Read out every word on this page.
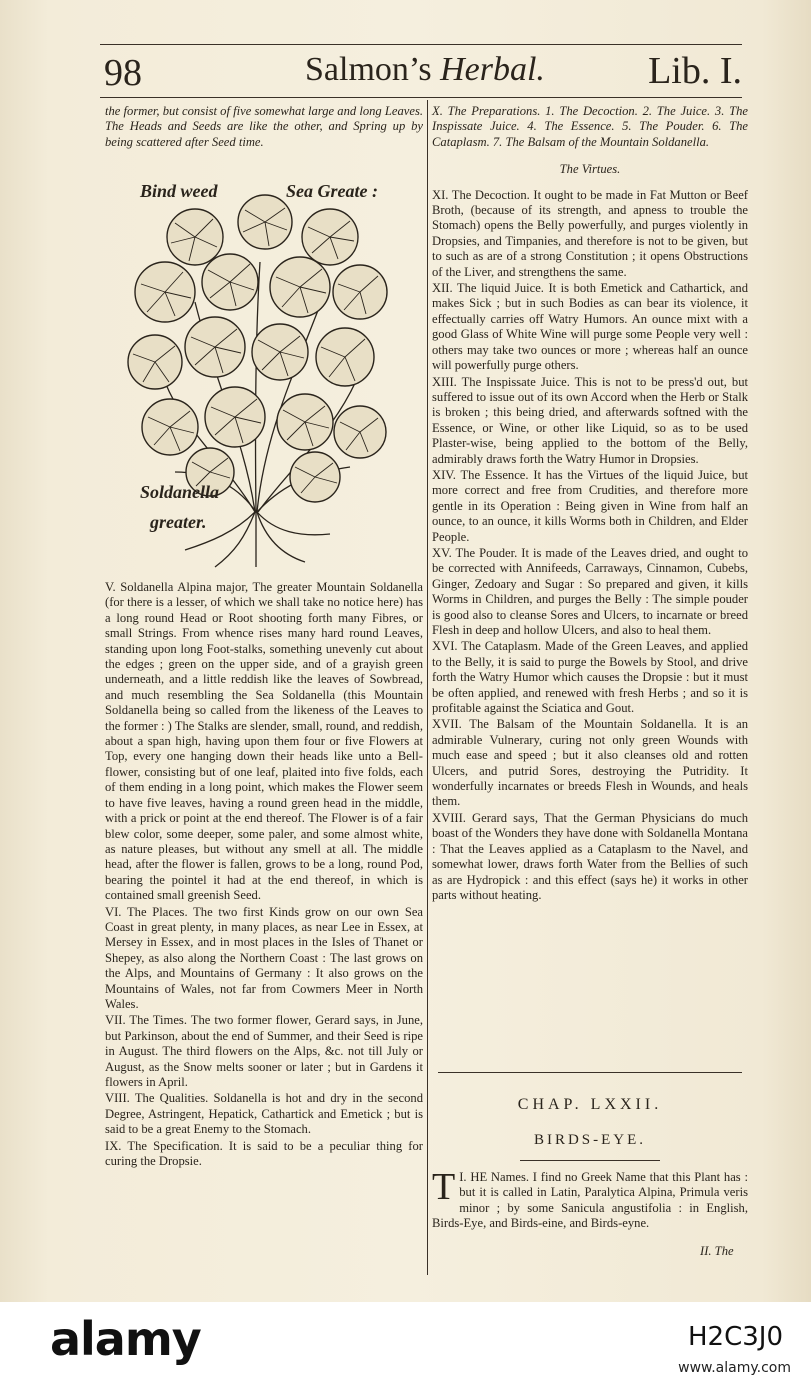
98	Salmon’s Herbal.	Lib. I.

the former, but consist of five somewhat large and long Leaves. The Heads and Seeds are like the other, and Spring up by being scattered after Seed time.

Bind weed	Sea Greate :
Soldanella
greater.

V. Soldanella Alpina major, The greater Mountain Soldanella (for there is a lesser, of which we shall take no notice here) has a long round Head or Root shooting forth many Fibres, or small Strings. From whence rises many hard round Leaves, standing upon long Foot-stalks, something unevenly cut about the edges ; green on the upper side, and of a grayish green underneath, and a little reddish like the leaves of Sowbread, and much resembling the Sea Soldanella (this Mountain Soldanella being so called from the likeness of the Leaves to the former : ) The Stalks are slender, small, round, and reddish, about a span high, having upon them four or five Flowers at Top, every one hanging down their heads like unto a Bell-flower, consisting but of one leaf, plaited into five folds, each of them ending in a long point, which makes the Flower seem to have five leaves, having a round green head in the middle, with a prick or point at the end thereof. The Flower is of a fair blew color, some deeper, some paler, and some almost white, as nature pleases, but without any smell at all. The middle head, after the flower is fallen, grows to be a long, round Pod, bearing the pointel it had at the end thereof, in which is contained small greenish Seed.

VI. The Places. The two first Kinds grow on our own Sea Coast in great plenty, in many places, as near Lee in Essex, at Mersey in Essex, and in most places in the Isles of Thanet or Shepey, as also along the Northern Coast : The last grows on the Alps, and Mountains of Germany : It also grows on the Mountains of Wales, not far from Cowmers Meer in North Wales.

VII. The Times. The two former flower, Gerard says, in June, but Parkinson, about the end of Summer, and their Seed is ripe in August. The third flowers on the Alps, &c. not till July or August, as the Snow melts sooner or later ; but in Gardens it flowers in April.

VIII. The Qualities. Soldanella is hot and dry in the second Degree, Astringent, Hepatick, Cathartick and Emetick ; but is said to be a great Enemy to the Stomach.

IX. The Specification. It is said to be a peculiar thing for curing the Dropsie.

X. The Preparations. 1. The Decoction. 2. The Juice. 3. The Inspissate Juice. 4. The Essence. 5. The Pouder. 6. The Cataplasm. 7. The Balsam of the Mountain Soldanella.

The Virtues.

XI. The Decoction. It ought to be made in Fat Mutton or Beef Broth, (because of its strength, and apness to trouble the Stomach) opens the Belly powerfully, and purges violently in Dropsies, and Timpanies, and therefore is not to be given, but to such as are of a strong Constitution ; it opens Obstructions of the Liver, and strengthens the same.

XII. The liquid Juice. It is both Emetick and Cathartick, and makes Sick ; but in such Bodies as can bear its violence, it effectually carries off Watry Humors. An ounce mixt with a good Glass of White Wine will purge some People very well : others may take two ounces or more ; whereas half an ounce will powerfully purge others.

XIII. The Inspissate Juice. This is not to be press'd out, but suffered to issue out of its own Accord when the Herb or Stalk is broken ; this being dried, and afterwards softned with the Essence, or Wine, or other like Liquid, so as to be used Plaster-wise, being applied to the bottom of the Belly, admirably draws forth the Watry Humor in Dropsies.

XIV. The Essence. It has the Virtues of the liquid Juice, but more correct and free from Crudities, and therefore more gentle in its Operation : Being given in Wine from half an ounce, to an ounce, it kills Worms both in Children, and Elder People.

XV. The Pouder. It is made of the Leaves dried, and ought to be corrected with Annifeeds, Carraways, Cinnamon, Cubebs, Ginger, Zedoary and Sugar : So prepared and given, it kills Worms in Children, and purges the Belly : The simple pouder is good also to cleanse Sores and Ulcers, to incarnate or breed Flesh in deep and hollow Ulcers, and also to heal them.

XVI. The Cataplasm. Made of the Green Leaves, and applied to the Belly, it is said to purge the Bowels by Stool, and drive forth the Watry Humor which causes the Dropsie : but it must be often applied, and renewed with fresh Herbs ; and so it is profitable against the Sciatica and Gout.

XVII. The Balsam of the Mountain Soldanella. It is an admirable Vulnerary, curing not only green Wounds with much ease and speed ; but it also cleanses old and rotten Ulcers, and putrid Sores, destroying the Putridity. It wonderfully incarnates or breeds Flesh in Wounds, and heals them.

XVIII. Gerard says, That the German Physicians do much boast of the Wonders they have done with Soldanella Montana : That the Leaves applied as a Cataplasm to the Navel, and somewhat lower, draws forth Water from the Bellies of such as are Hydropick : and this effect (says he) it works in other parts without heating.

CHAP. LXXII.
BIRDS-EYE.

I.
T HE Names. I find no Greek Name that this Plant has : but it is called in Latin, Paralytica Alpina, Primula veris minor ; by some Sanicula angustifolia : in English, Birds-Eye, and Birds-eine, and Birds-eyne.

II. The
alamy	H2C3J0
www.alamy.com
